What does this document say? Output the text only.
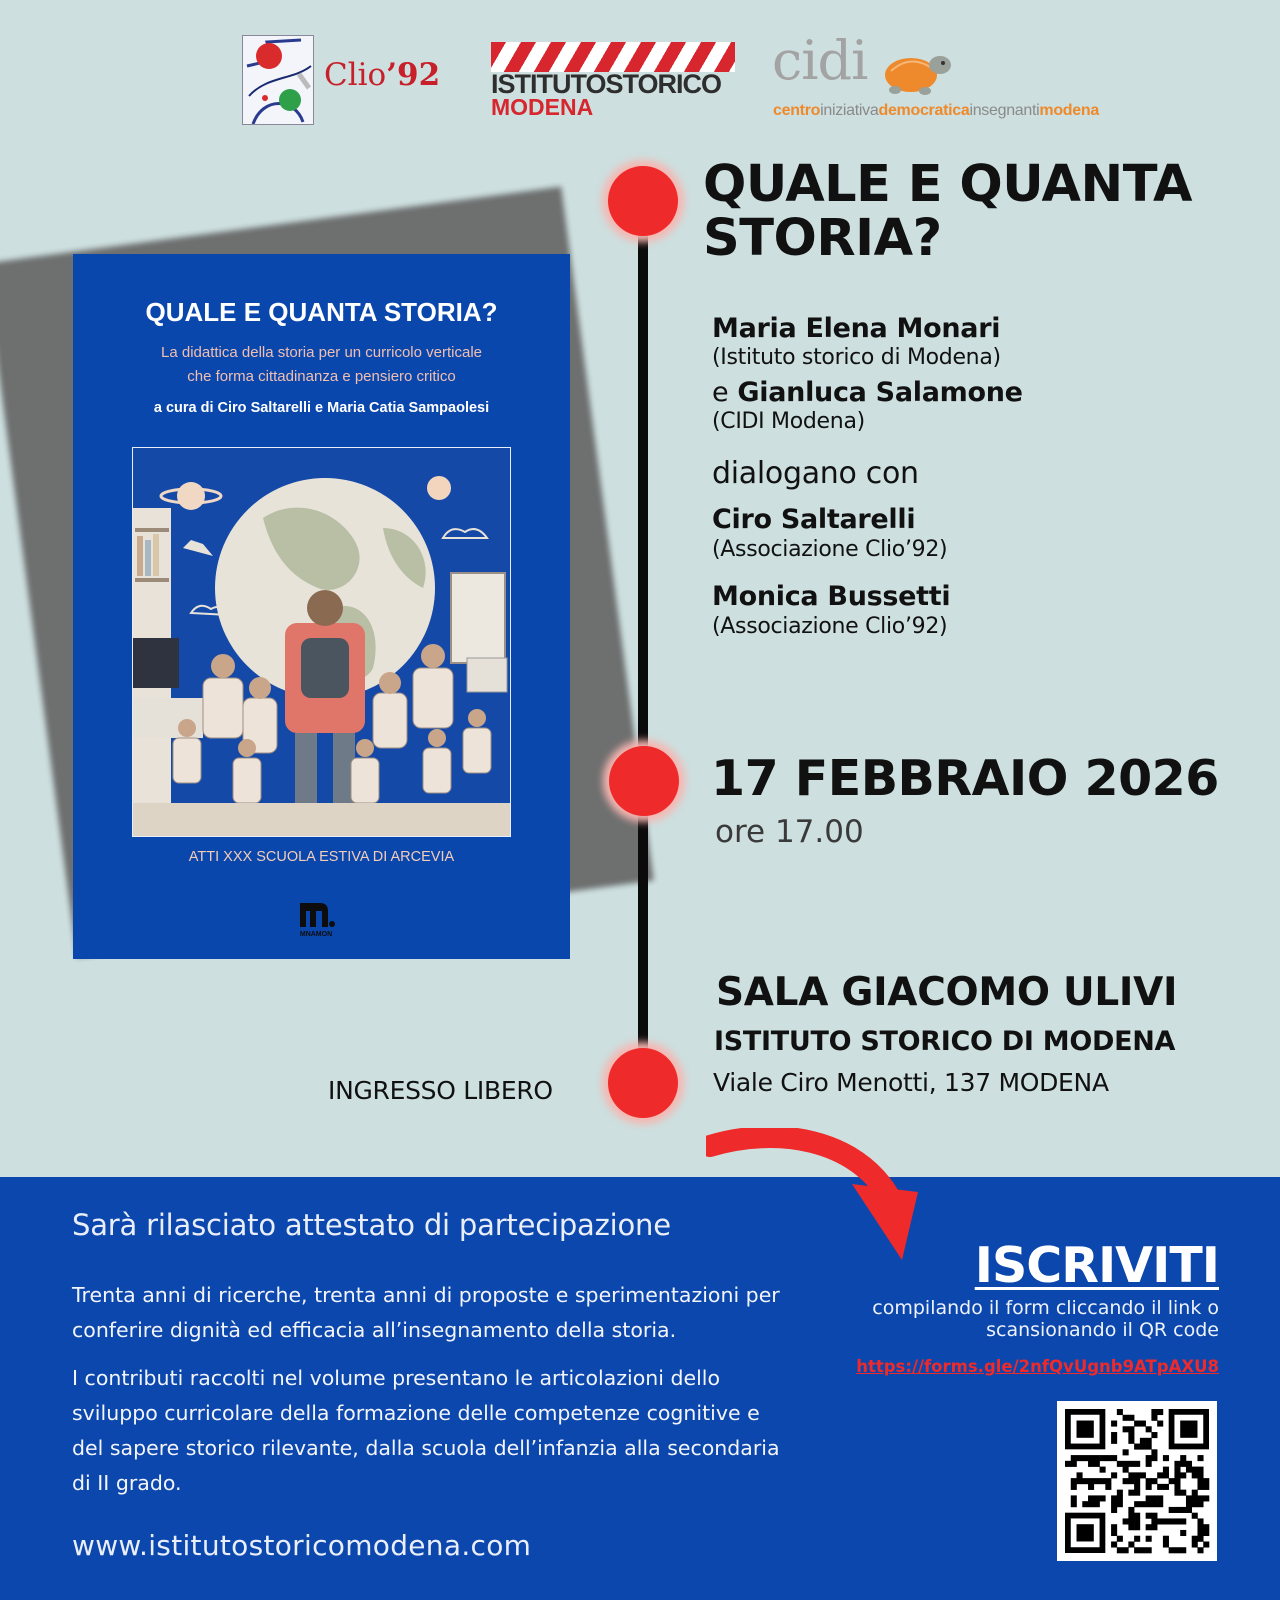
Clio’92 ISTITUTOSTORICO
MODENA
cidi
centroiniziativademocraticainsegnantimodena
QUALE E QUANTA STORIA?
La didattica della storia per un curricolo verticale
che forma cittadinanza e pensiero critico
a cura di Ciro Saltarelli e Maria Catia Sampaolesi
ATTI XXX SCUOLA ESTIVA DI ARCEVIA
MNAMON
QUALE E QUANTA
STORIA?
Maria Elena Monari
(Istituto storico di Modena)
e Gianluca Salamone
(CIDI Modena)
dialogano con
Ciro Saltarelli
(Associazione Clio’92)
Monica Bussetti
(Associazione Clio’92)
17 FEBBRAIO 2026
ore 17.00
SALA GIACOMO ULIVI
ISTITUTO STORICO DI MODENA
Viale Ciro Menotti, 137 MODENA
INGRESSO LIBERO
Sarà rilasciato attestato di partecipazione
Trenta anni di ricerche, trenta anni di proposte e sperimentazioni per conferire dignità ed efficacia all’insegnamento della storia.
I contributi raccolti nel volume presentano le articolazioni dello sviluppo curricolare della formazione delle competenze cognitive e del sapere storico rilevante, dalla scuola dell’infanzia alla secondaria di II grado.
www.istitutostoricomodena.com
ISCRIVITI
compilando il form cliccando il link o
scansionando il QR code
https://forms.gle/2nfQvUgnb9ATpAXU8
